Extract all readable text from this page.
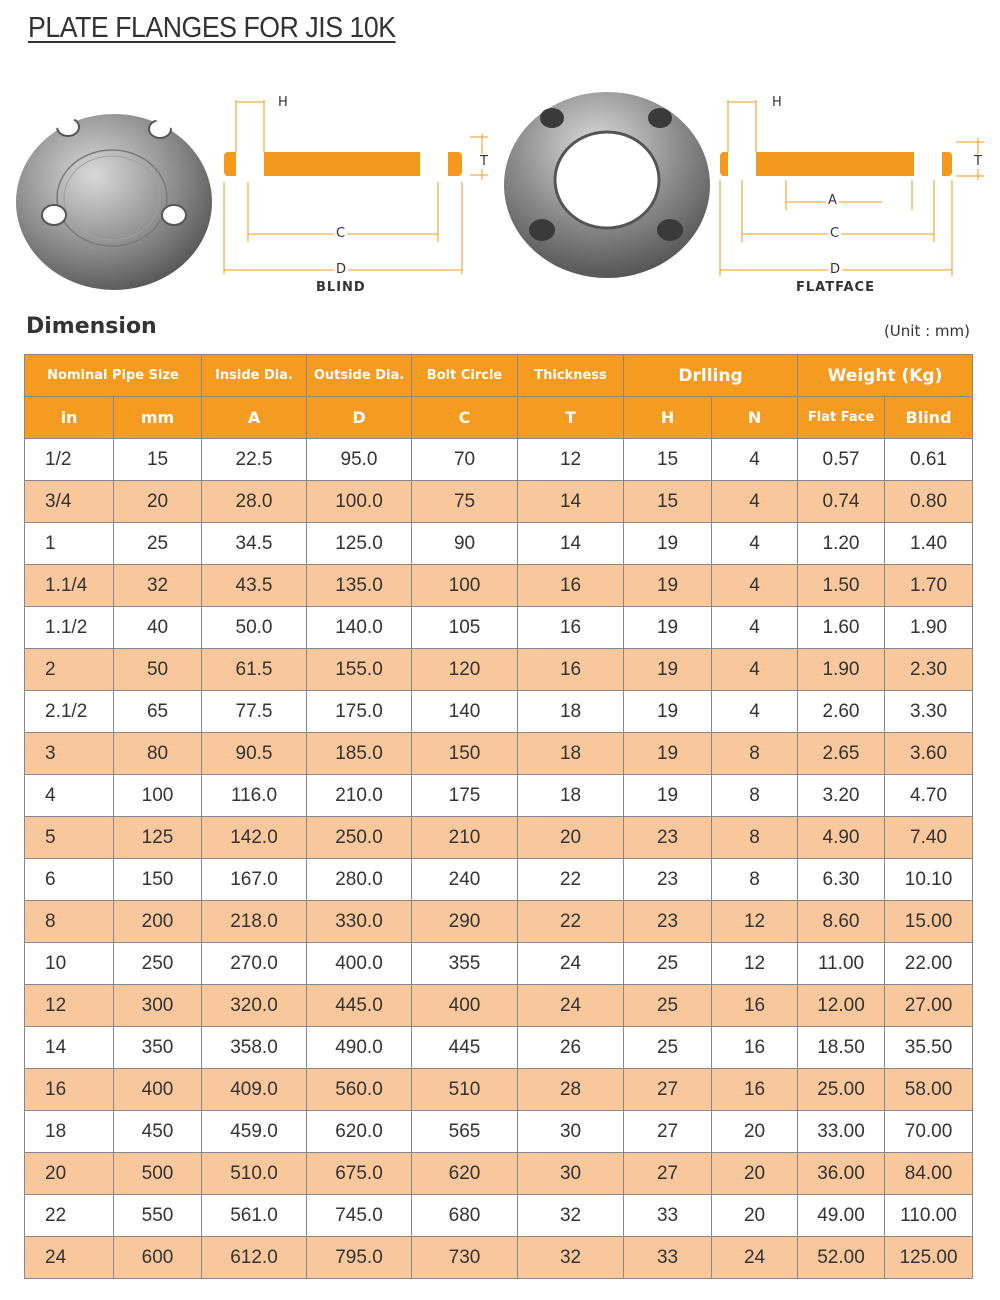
PLATE FLANGES FOR JIS 10K
H
T
C
D
BLIND
H
T
A
C
D
FLATFACE
Dimension	(Unit : mm)
Nominal Pipe Size		Inside Dia.	Outside Dia.	Bolt Circle	Thickness	Drlling		Weight (Kg)	
in	mm	A	D	C	T	H	N	Flat Face	Blind
1/2	15	22.5	95.0	70	12	15	4	0.57	0.61
3/4	20	28.0	100.0	75	14	15	4	0.74	0.80
1	25	34.5	125.0	90	14	19	4	1.20	1.40
1.1/4	32	43.5	135.0	100	16	19	4	1.50	1.70
1.1/2	40	50.0	140.0	105	16	19	4	1.60	1.90
2	50	61.5	155.0	120	16	19	4	1.90	2.30
2.1/2	65	77.5	175.0	140	18	19	4	2.60	3.30
3	80	90.5	185.0	150	18	19	8	2.65	3.60
4	100	116.0	210.0	175	18	19	8	3.20	4.70
5	125	142.0	250.0	210	20	23	8	4.90	7.40
6	150	167.0	280.0	240	22	23	8	6.30	10.10
8	200	218.0	330.0	290	22	23	12	8.60	15.00
10	250	270.0	400.0	355	24	25	12	11.00	22.00
12	300	320.0	445.0	400	24	25	16	12.00	27.00
14	350	358.0	490.0	445	26	25	16	18.50	35.50
16	400	409.0	560.0	510	28	27	16	25.00	58.00
18	450	459.0	620.0	565	30	27	20	33.00	70.00
20	500	510.0	675.0	620	30	27	20	36.00	84.00
22	550	561.0	745.0	680	32	33	20	49.00	110.00
24	600	612.0	795.0	730	32	33	24	52.00	125.00
